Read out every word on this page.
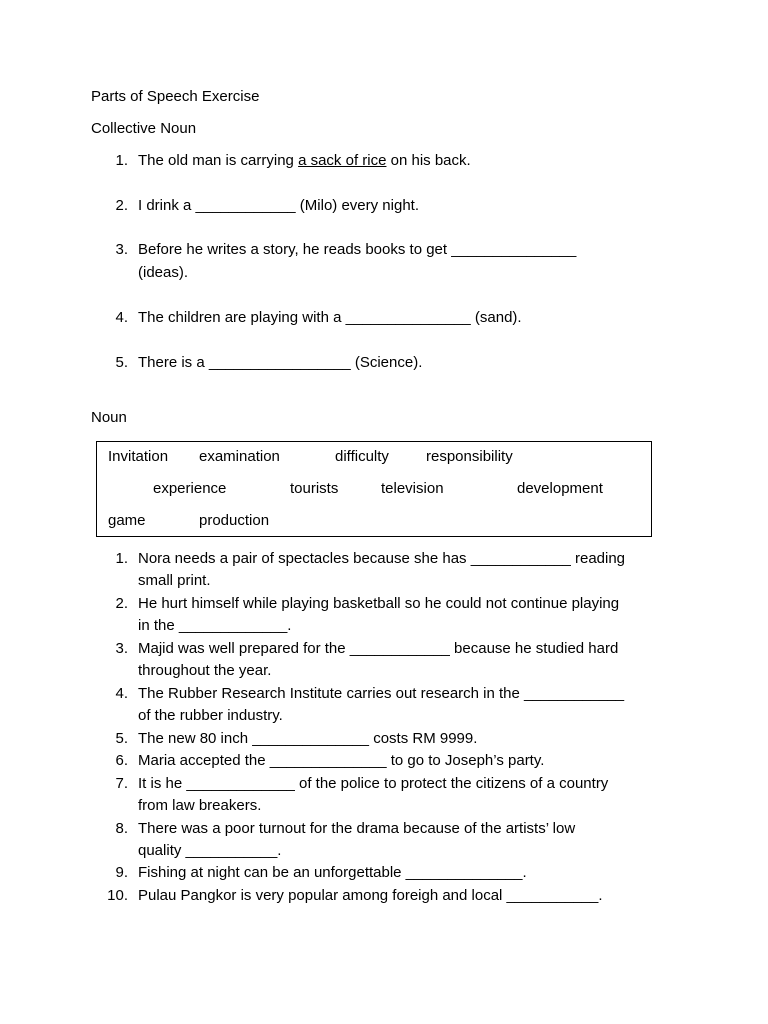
Parts of Speech Exercise
Collective Noun
1. The old man is carrying a sack of rice on his back.
2. I drink a ____________ (Milo) every night.
3. Before he writes a story, he reads books to get _______________
(ideas).
4. The children are playing with a _______________ (sand).
5. There is a _________________ (Science).
Noun
Invitation examination	difficulty responsibility
experience	tourists	television	development
game	production
1. Nora needs a pair of spectacles because she has ____________ reading
small print.
2. He hurt himself while playing basketball so he could not continue playing
in the _____________.
3. Majid was well prepared for the ____________ because he studied hard
throughout the year.
4. The Rubber Research Institute carries out research in the ____________
of the rubber industry.
5. The new 80 inch ______________ costs RM 9999.
6. Maria accepted the ______________ to go to Joseph’s party.
7. It is he _____________ of the police to protect the citizens of a country
from law breakers.
8. There was a poor turnout for the drama because of the artists’ low
quality ___________.
9. Fishing at night can be an unforgettable ______________.
10. Pulau Pangkor is very popular among foreigh and local ___________.
